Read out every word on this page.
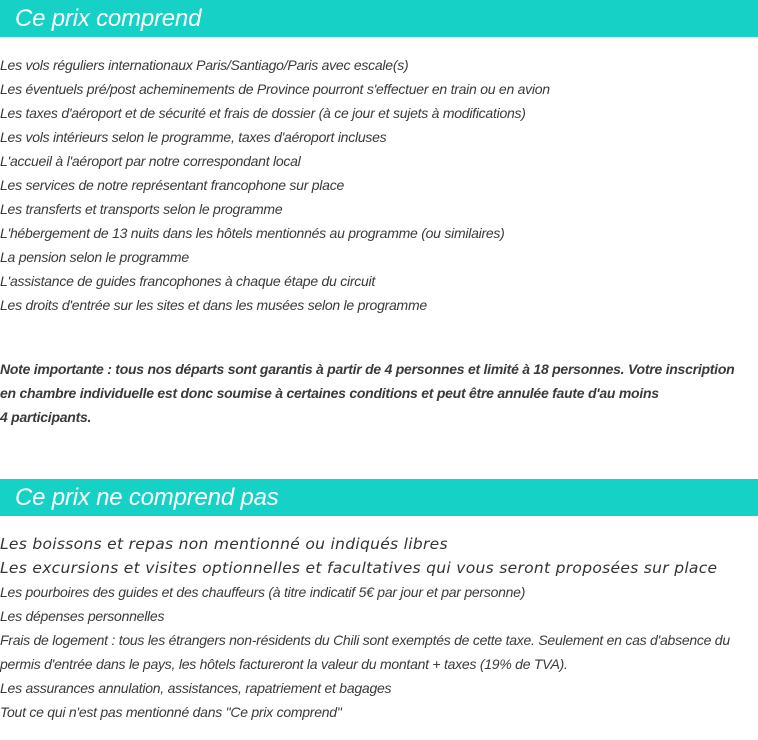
Ce prix comprend
Les vols réguliers internationaux Paris/Santiago/Paris avec escale(s)
Les éventuels pré/post acheminements de Province pourront s'effectuer en train ou en avion
Les taxes d'aéroport et de sécurité et frais de dossier (à ce jour et sujets à modifications)
Les vols intérieurs selon le programme, taxes d'aéroport incluses
L'accueil à l'aéroport par notre correspondant local
Les services de notre représentant francophone sur place
Les transferts et transports selon le programme
L'hébergement de 13 nuits dans les hôtels mentionnés au programme (ou similaires)
La pension selon le programme
L'assistance de guides francophones à chaque étape du circuit
Les droits d'entrée sur les sites et dans les musées selon le programme

Note importante : tous nos départs sont garantis à partir de 4 personnes et limité à 18 personnes. Votre inscription
en chambre individuelle est donc soumise à certaines conditions et peut être annulée faute d'au moins
4 participants.

Ce prix ne comprend pas
Les boissons et repas non mentionné ou indiqués libres
Les excursions et visites optionnelles et facultatives qui vous seront proposées sur place
Les pourboires des guides et des chauffeurs (à titre indicatif 5€ par jour et par personne)
Les dépenses personnelles
Frais de logement : tous les étrangers non-résidents du Chili sont exemptés de cette taxe. Seulement en cas d'absence du
permis d'entrée dans le pays, les hôtels factureront la valeur du montant + taxes (19% de TVA).
Les assurances annulation, assistances, rapatriement et bagages
Tout ce qui n'est pas mentionné dans "Ce prix comprend"
